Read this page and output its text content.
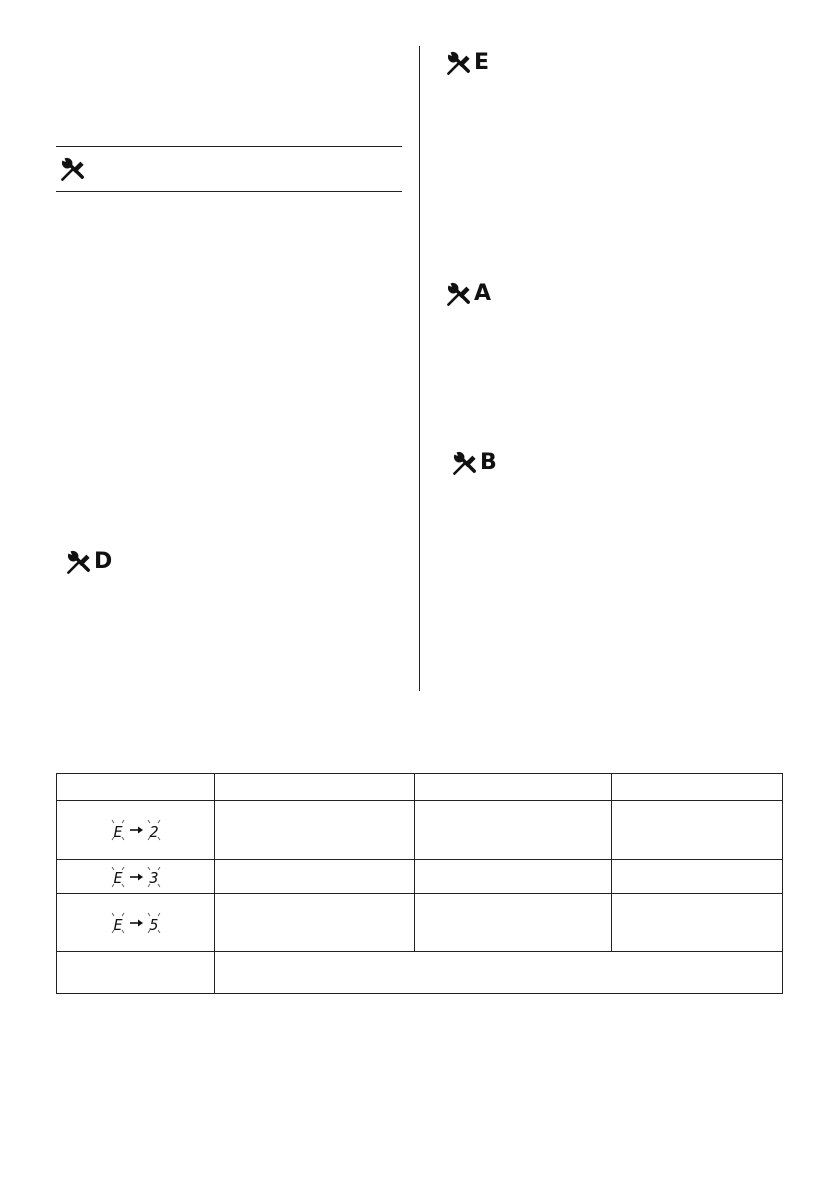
D
E
A
B

E 2			

E 3			

E 5			
